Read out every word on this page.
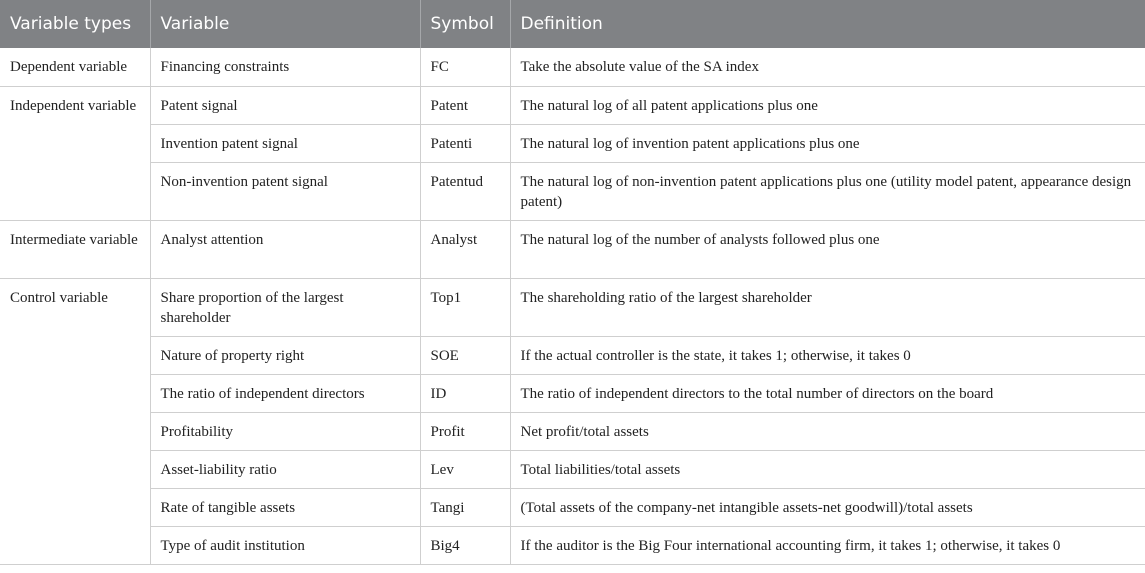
Variable types	Variable	Symbol	Definition
Dependent variable	Financing constraints	FC	Take the absolute value of the SA index
Independent variable	Patent signal	Patent	The natural log of all patent applications plus one
	Invention patent signal	Patenti	The natural log of invention patent applications plus one
	Non-invention patent signal	Patentud	The natural log of non-invention patent applications plus one (utility model patent, appearance design patent)
Intermediate variable	Analyst attention	Analyst	The natural log of the number of analysts followed plus one
Control variable	Share proportion of the largest shareholder	Top1	The shareholding ratio of the largest shareholder
	Nature of property right	SOE	If the actual controller is the state, it takes 1; otherwise, it takes 0
	The ratio of independent directors	ID	The ratio of independent directors to the total number of directors on the board
	Profitability	Profit	Net profit/total assets
	Asset-liability ratio	Lev	Total liabilities/total assets
	Rate of tangible assets	Tangi	(Total assets of the company-net intangible assets-net goodwill)/total assets
	Type of audit institution	Big4	If the auditor is the Big Four international accounting firm, it takes 1; otherwise, it takes 0
